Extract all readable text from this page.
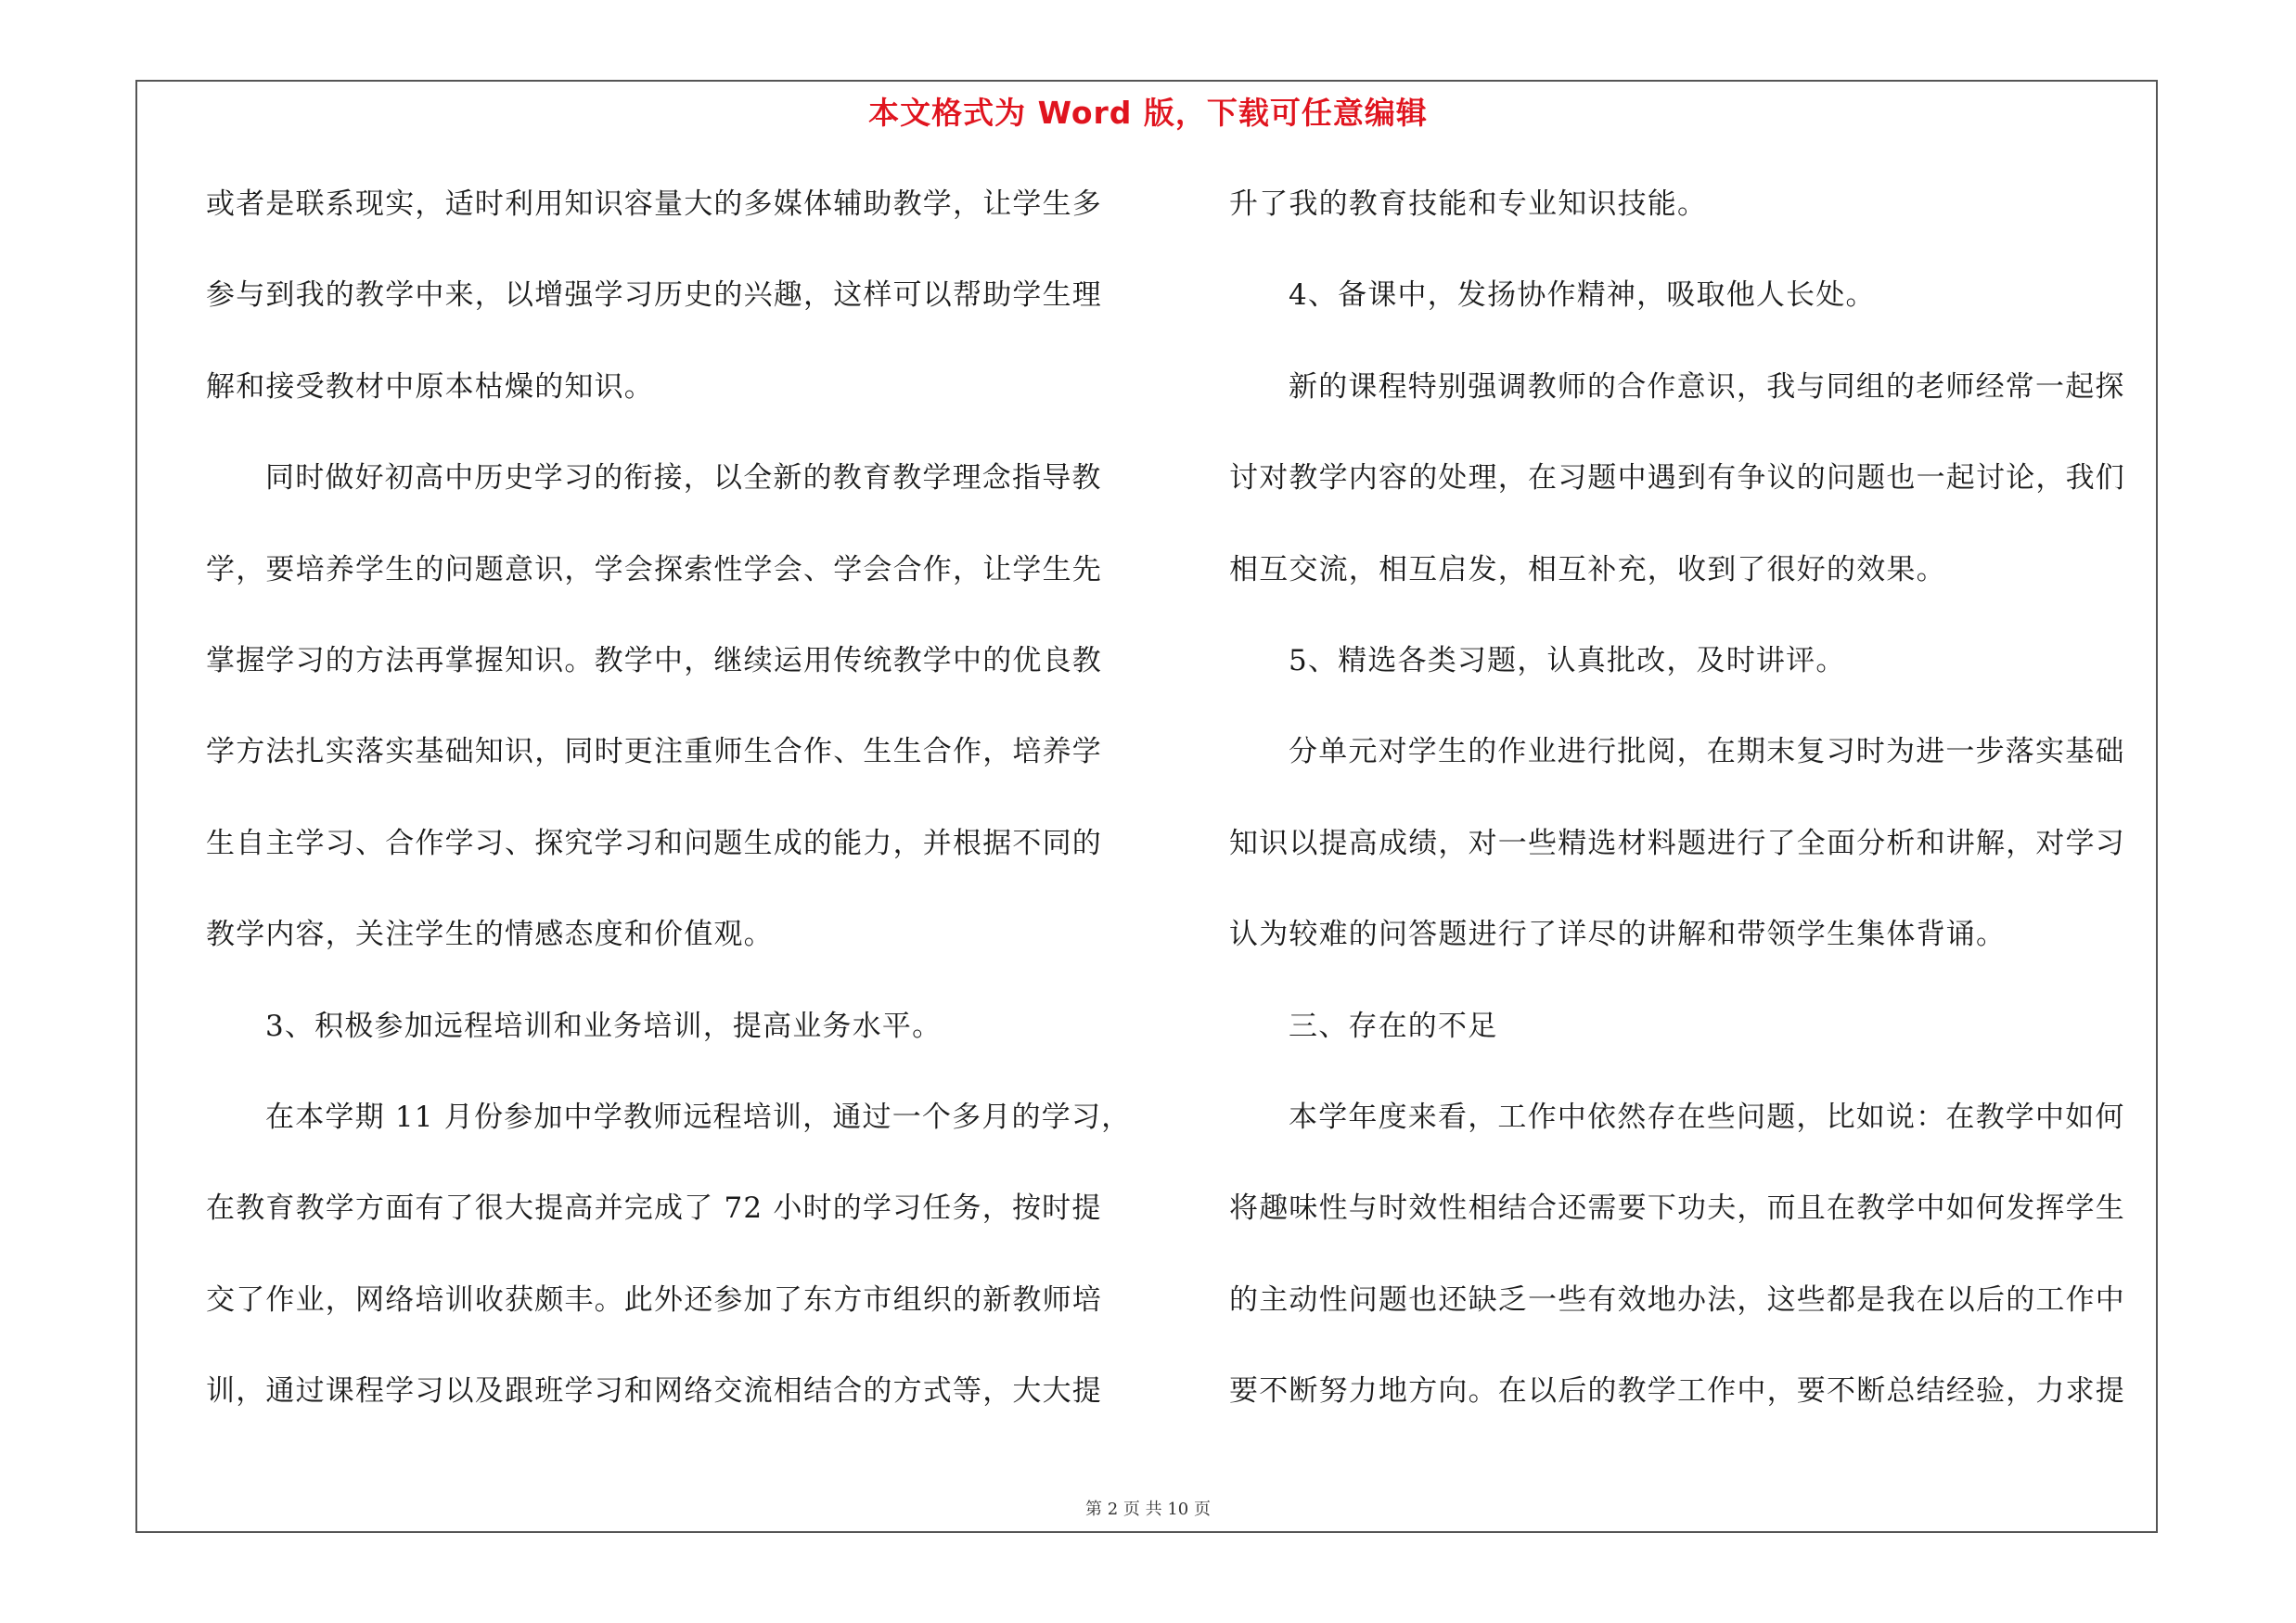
本文格式为 Word 版，下载可任意编辑
或者是联系现实，适时利用知识容量大的多媒体辅助教学，让学生多
参与到我的教学中来，以增强学习历史的兴趣，这样可以帮助学生理
解和接受教材中原本枯燥的知识。
同时做好初高中历史学习的衔接，以全新的教育教学理念指导教
学，要培养学生的问题意识，学会探索性学会、学会合作，让学生先
掌握学习的方法再掌握知识。教学中，继续运用传统教学中的优良教
学方法扎实落实基础知识，同时更注重师生合作、生生合作，培养学
生自主学习、合作学习、探究学习和问题生成的能力，并根据不同的
教学内容，关注学生的情感态度和价值观。
3、积极参加远程培训和业务培训，提高业务水平。
在本学期 11 月份参加中学教师远程培训，通过一个多月的学习，
在教育教学方面有了很大提高并完成了 72 小时的学习任务，按时提
交了作业，网络培训收获颇丰。此外还参加了东方市组织的新教师培
训，通过课程学习以及跟班学习和网络交流相结合的方式等，大大提
升了我的教育技能和专业知识技能。
4、备课中，发扬协作精神，吸取他人长处。
新的课程特别强调教师的合作意识，我与同组的老师经常一起探
讨对教学内容的处理，在习题中遇到有争议的问题也一起讨论，我们
相互交流，相互启发，相互补充，收到了很好的效果。
5、精选各类习题，认真批改，及时讲评。
分单元对学生的作业进行批阅，在期末复习时为进一步落实基础
知识以提高成绩，对一些精选材料题进行了全面分析和讲解，对学习
认为较难的问答题进行了详尽的讲解和带领学生集体背诵。
三、存在的不足
本学年度来看，工作中依然存在些问题，比如说：在教学中如何
将趣味性与时效性相结合还需要下功夫，而且在教学中如何发挥学生
的主动性问题也还缺乏一些有效地办法，这些都是我在以后的工作中
要不断努力地方向。在以后的教学工作中，要不断总结经验，力求提
第 2 页 共 10 页
